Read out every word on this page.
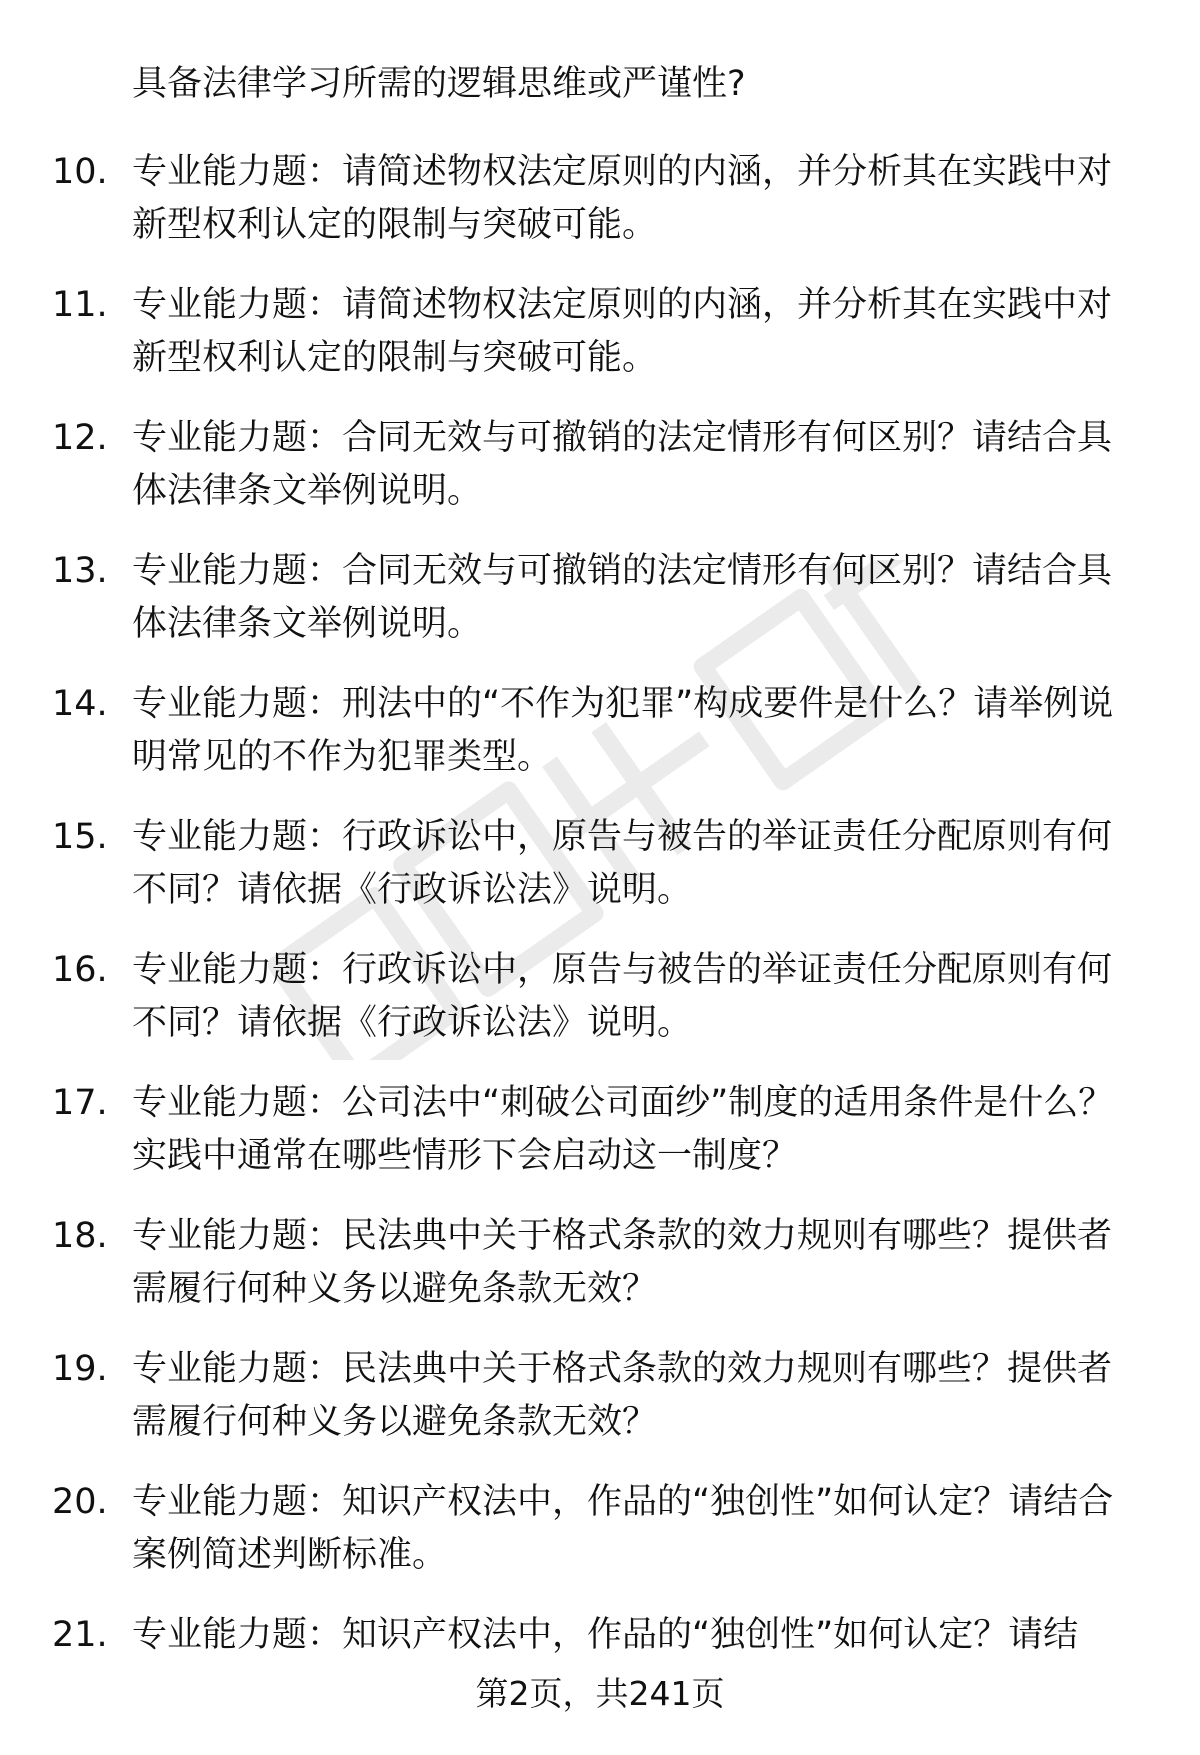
具备法律学习所需的逻辑思维或严谨性?
10. 专业能力题：请简述物权法定原则的内涵，并分析其在实践中对新型权利认定的限制与突破可能。
11. 专业能力题：请简述物权法定原则的内涵，并分析其在实践中对新型权利认定的限制与突破可能。
12. 专业能力题：合同无效与可撤销的法定情形有何区别？请结合具体法律条文举例说明。
13. 专业能力题：合同无效与可撤销的法定情形有何区别？请结合具体法律条文举例说明。
14. 专业能力题：刑法中的“不作为犯罪”构成要件是什么？请举例说明常见的不作为犯罪类型。
15. 专业能力题：行政诉讼中，原告与被告的举证责任分配原则有何不同？请依据《行政诉讼法》说明。
16. 专业能力题：行政诉讼中，原告与被告的举证责任分配原则有何不同？请依据《行政诉讼法》说明。
17. 专业能力题：公司法中“刺破公司面纱”制度的适用条件是什么？实践中通常在哪些情形下会启动这一制度？
18. 专业能力题：民法典中关于格式条款的效力规则有哪些？提供者需履行何种义务以避免条款无效？
19. 专业能力题：民法典中关于格式条款的效力规则有哪些？提供者需履行何种义务以避免条款无效？
20. 专业能力题：知识产权法中，作品的“独创性”如何认定？请结合案例简述判断标准。
21. 专业能力题：知识产权法中，作品的“独创性”如何认定？请结
第2页，共241页
